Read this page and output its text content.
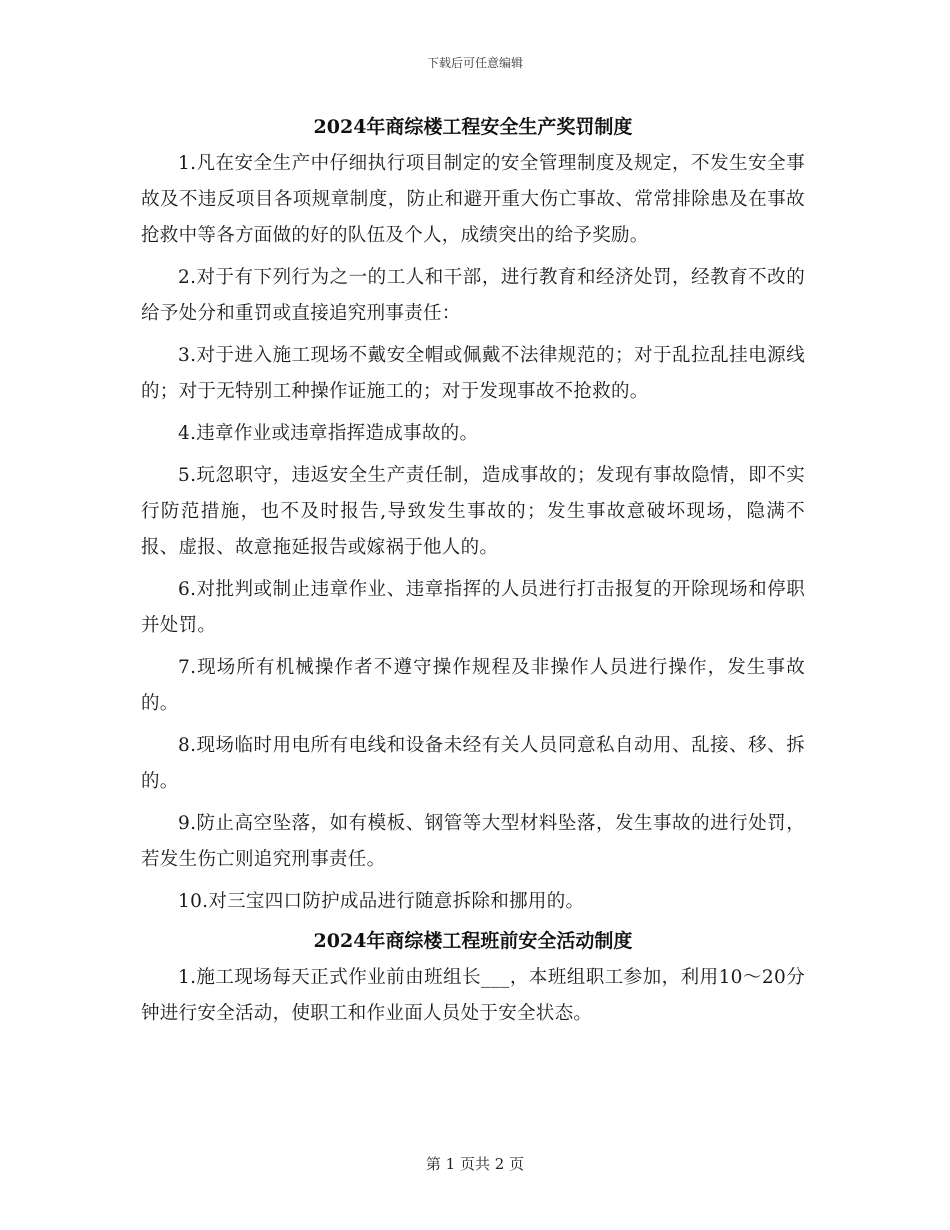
下载后可任意编辑
2024年商综楼工程安全生产奖罚制度

1.凡在安全生产中仔细执行项目制定的安全管理制度及规定，不发生安全事故及不违反项目各项规章制度，防止和避开重大伤亡事故、常常排除患及在事故抢救中等各方面做的好的队伍及个人，成绩突出的给予奖励。

2.对于有下列行为之一的工人和干部，进行教育和经济处罚，经教育不改的给予处分和重罚或直接追究刑事责任：

3.对于进入施工现场不戴安全帽或佩戴不法律规范的；对于乱拉乱挂电源线的；对于无特别工种操作证施工的；对于发现事故不抢救的。

4.违章作业或违章指挥造成事故的。

5.玩忽职守，违返安全生产责任制，造成事故的；发现有事故隐情，即不实行防范措施，也不及时报告,导致发生事故的；发生事故意破坏现场，隐满不报、虚报、故意拖延报告或嫁祸于他人的。

6.对批判或制止违章作业、违章指挥的人员进行打击报复的开除现场和停职并处罚。

7.现场所有机械操作者不遵守操作规程及非操作人员进行操作，发生事故的。

8.现场临时用电所有电线和设备未经有关人员同意私自动用、乱接、移、拆的。

9.防止高空坠落，如有模板、钢管等大型材料坠落，发生事故的进行处罚，若发生伤亡则追究刑事责任。

10.对三宝四口防护成品进行随意拆除和挪用的。

2024年商综楼工程班前安全活动制度

1.施工现场每天正式作业前由班组长___，本班组职工参加，利用10～20分钟进行安全活动，使职工和作业面人员处于安全状态。

第 1 页共 2 页
